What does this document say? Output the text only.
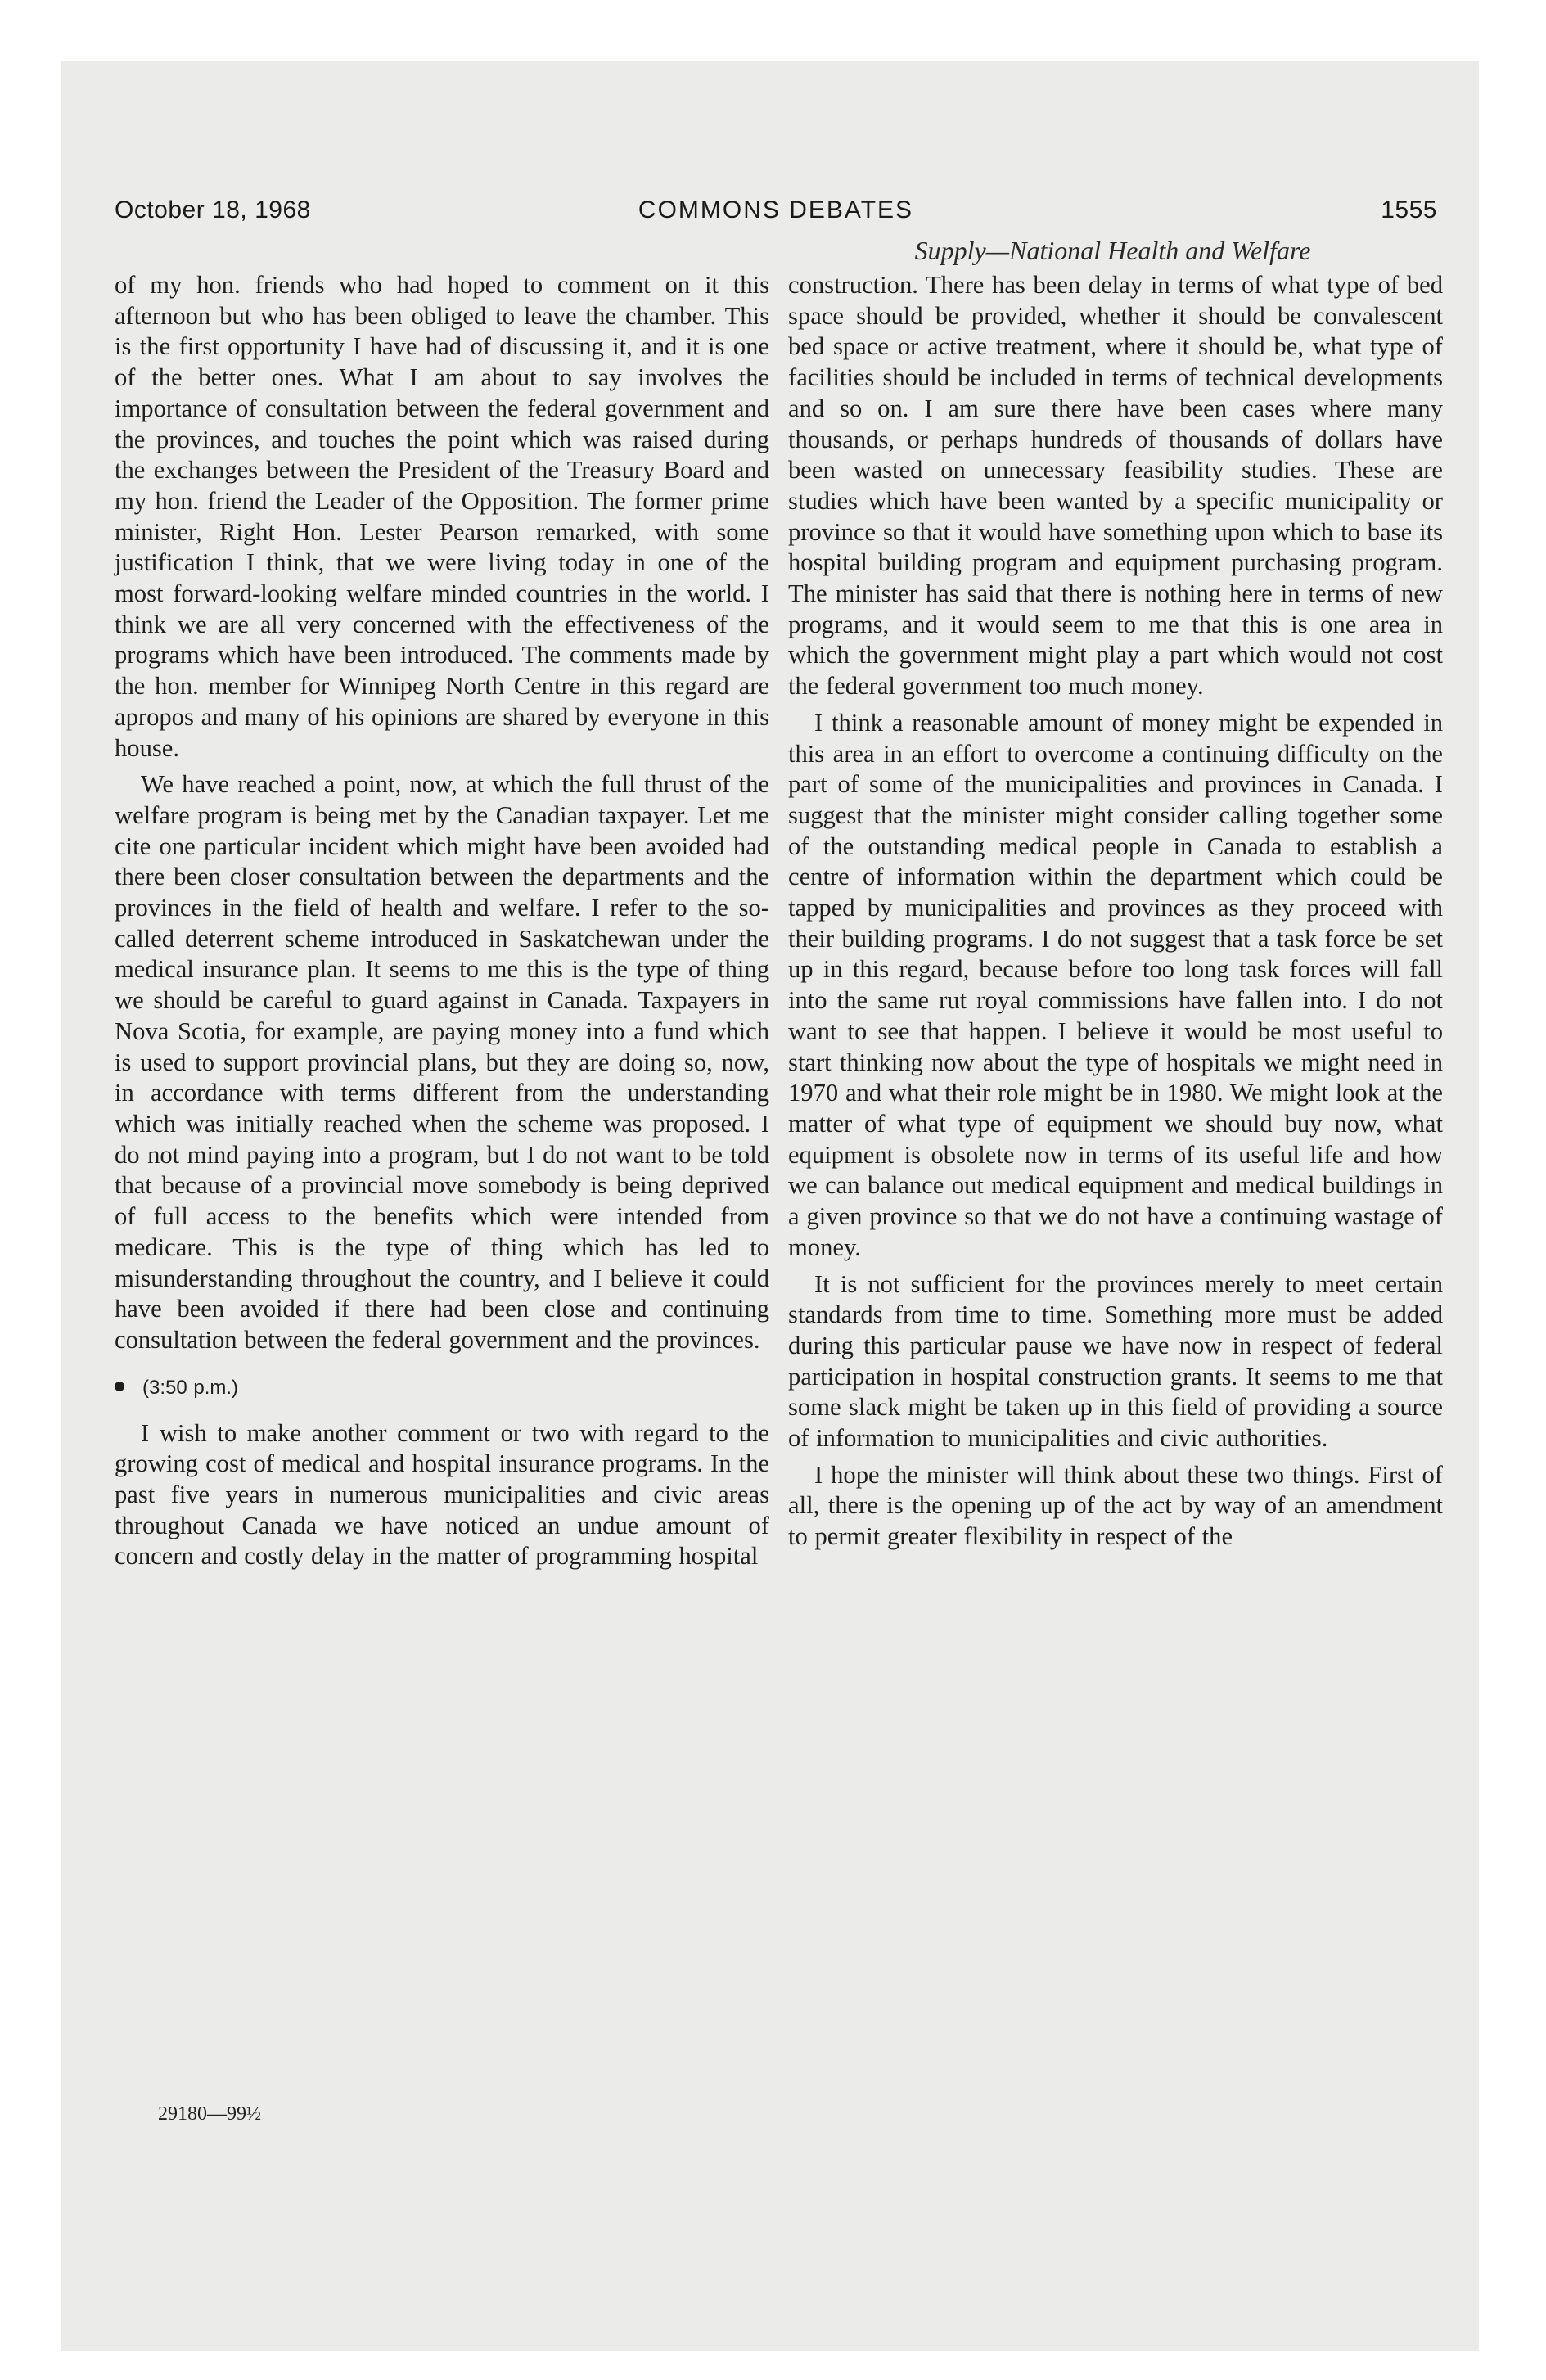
October 18, 1968	COMMONS DEBATES	1555
Supply—National Health and Welfare

of my hon. friends who had hoped to comment on it this afternoon but who has been obliged to leave the chamber. This is the first opportunity I have had of discussing it, and it is one of the better ones. What I am about to say involves the importance of consultation between the federal government and the provinces, and touches the point which was raised during the exchanges between the President of the Treasury Board and my hon. friend the Leader of the Opposition. The former prime minister, Right Hon. Lester Pearson remarked, with some justification I think, that we were living today in one of the most forward-looking welfare minded countries in the world. I think we are all very concerned with the effectiveness of the programs which have been introduced. The comments made by the hon. member for Winnipeg North Centre in this regard are apropos and many of his opinions are shared by everyone in this house.

We have reached a point, now, at which the full thrust of the welfare program is being met by the Canadian taxpayer. Let me cite one particular incident which might have been avoided had there been closer consultation between the departments and the provinces in the field of health and welfare. I refer to the so-called deterrent scheme introduced in Saskatchewan under the medical insurance plan. It seems to me this is the type of thing we should be careful to guard against in Canada. Taxpayers in Nova Scotia, for example, are paying money into a fund which is used to support provincial plans, but they are doing so, now, in accordance with terms different from the understanding which was initially reached when the scheme was proposed. I do not mind paying into a program, but I do not want to be told that because of a provincial move somebody is being deprived of full access to the benefits which were intended from medicare. This is the type of thing which has led to misunderstanding throughout the country, and I believe it could have been avoided if there had been close and continuing consultation between the federal government and the provinces.

(3:50 p.m.)

I wish to make another comment or two with regard to the growing cost of medical and hospital insurance programs. In the past five years in numerous municipalities and civic areas throughout Canada we have noticed an undue amount of concern and costly delay in the matter of programming hospital

construction. There has been delay in terms of what type of bed space should be provided, whether it should be convalescent bed space or active treatment, where it should be, what type of facilities should be included in terms of technical developments and so on. I am sure there have been cases where many thousands, or perhaps hundreds of thousands of dollars have been wasted on unnecessary feasibility studies. These are studies which have been wanted by a specific municipality or province so that it would have something upon which to base its hospital building program and equipment purchasing program. The minister has said that there is nothing here in terms of new programs, and it would seem to me that this is one area in which the government might play a part which would not cost the federal government too much money.

I think a reasonable amount of money might be expended in this area in an effort to overcome a continuing difficulty on the part of some of the municipalities and provinces in Canada. I suggest that the minister might consider calling together some of the outstanding medical people in Canada to establish a centre of information within the department which could be tapped by municipalities and provinces as they proceed with their building programs. I do not suggest that a task force be set up in this regard, because before too long task forces will fall into the same rut royal commissions have fallen into. I do not want to see that happen. I believe it would be most useful to start thinking now about the type of hospitals we might need in 1970 and what their role might be in 1980. We might look at the matter of what type of equipment we should buy now, what equipment is obsolete now in terms of its useful life and how we can balance out medical equipment and medical buildings in a given province so that we do not have a continuing wastage of money.

It is not sufficient for the provinces merely to meet certain standards from time to time. Something more must be added during this particular pause we have now in respect of federal participation in hospital construction grants. It seems to me that some slack might be taken up in this field of providing a source of information to municipalities and civic authorities.

I hope the minister will think about these two things. First of all, there is the opening up of the act by way of an amendment to permit greater flexibility in respect of the

29180—99½
